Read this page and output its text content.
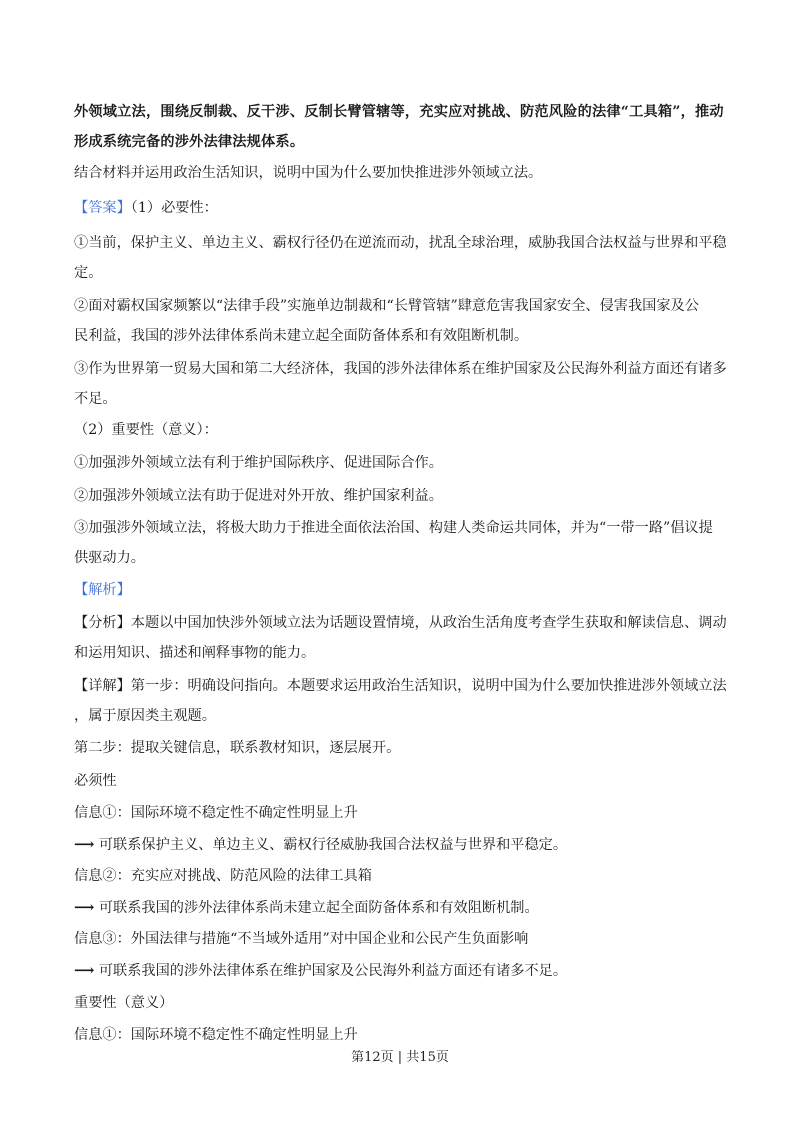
外领域立法，围绕反制裁、反干涉、反制长臂管辖等，充实应对挑战、防范风险的法律“工具箱”，推动
形成系统完备的涉外法律法规体系。
结合材料并运用政治生活知识，说明中国为什么要加快推进涉外领域立法。
【答案】（1）必要性：
①当前，保护主义、单边主义、霸权行径仍在逆流而动，扰乱全球治理，威胁我国合法权益与世界和平稳
定。
②面对霸权国家频繁以“法律手段”实施单边制裁和“长臂管辖”肆意危害我国家安全、侵害我国家及公
民利益，我国的涉外法律体系尚未建立起全面防备体系和有效阻断机制。
③作为世界第一贸易大国和第二大经济体，我国的涉外法律体系在维护国家及公民海外利益方面还有诸多
不足。
（2）重要性（意义）：
①加强涉外领域立法有利于维护国际秩序、促进国际合作。
②加强涉外领域立法有助于促进对外开放、维护国家利益。
③加强涉外领域立法，将极大助力于推进全面依法治国、构建人类命运共同体，并为“一带一路”倡议提
供驱动力。
【解析】
【分析】本题以中国加快涉外领域立法为话题设置情境，从政治生活角度考查学生获取和解读信息、调动
和运用知识、描述和阐释事物的能力。
【详解】第一步：明确设问指向。本题要求运用政治生活知识，说明中国为什么要加快推进涉外领域立法
，属于原因类主观题。
第二步：提取关键信息，联系教材知识，逐层展开。
必须性
信息①：国际环境不稳定性不确定性明显上升
⟶ 可联系保护主义、单边主义、霸权行径威胁我国合法权益与世界和平稳定。
信息②：充实应对挑战、防范风险的法律工具箱
⟶ 可联系我国的涉外法律体系尚未建立起全面防备体系和有效阻断机制。
信息③：外国法律与措施“不当域外适用”对中国企业和公民产生负面影响
⟶ 可联系我国的涉外法律体系在维护国家及公民海外利益方面还有诸多不足。
重要性（意义）
信息①：国际环境不稳定性不确定性明显上升
第12页 | 共15页
